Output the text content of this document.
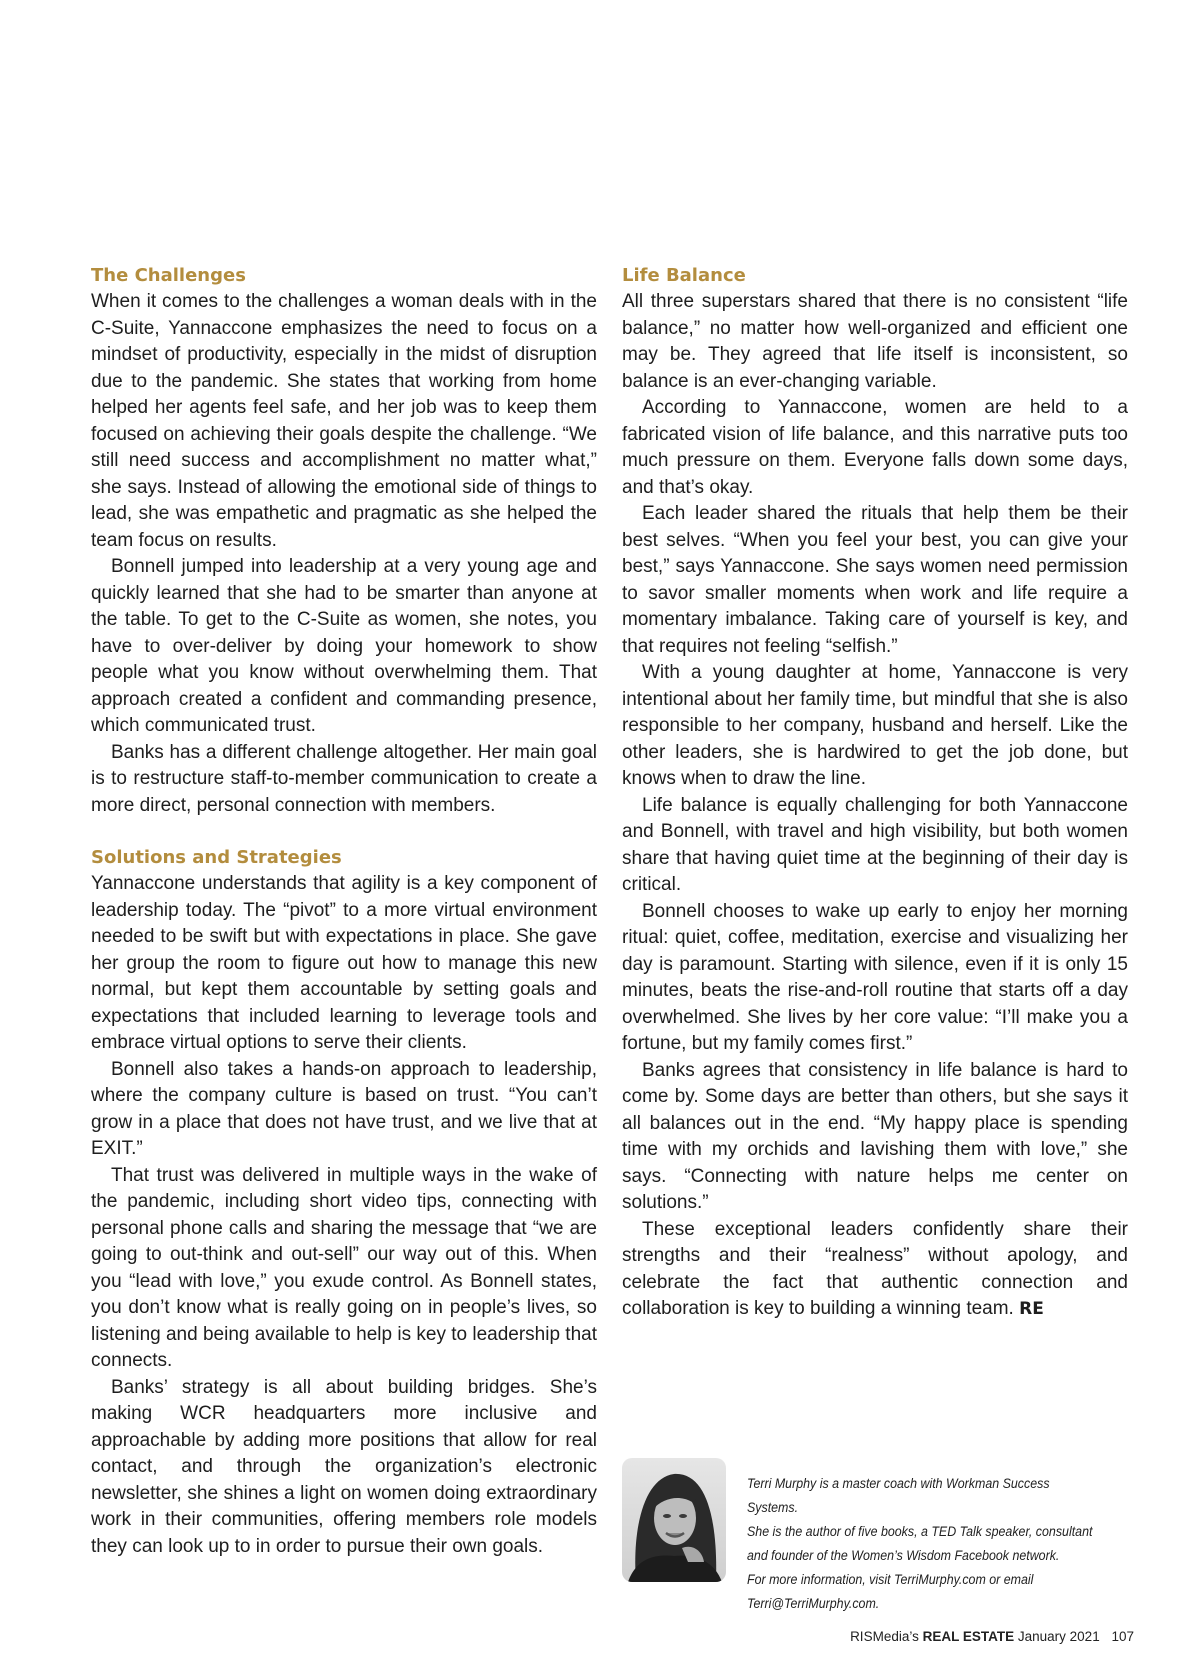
The Challenges

When it comes to the challenges a woman deals with in the C-Suite, Yannaccone emphasizes the need to focus on a mindset of productivity, especially in the midst of disruption due to the pandemic. She states that working from home helped her agents feel safe, and her job was to keep them focused on achieving their goals despite the challenge. “We still need success and accomplishment no matter what,” she says. Instead of allowing the emotional side of things to lead, she was empathetic and pragmatic as she helped the team focus on results.

Bonnell jumped into leadership at a very young age and quickly learned that she had to be smarter than anyone at the table. To get to the C-Suite as women, she notes, you have to over-deliver by doing your homework to show people what you know without overwhelming them. That approach created a confident and commanding presence, which communicated trust.

Banks has a different challenge altogether. Her main goal is to restructure staff-to-member communication to create a more direct, personal connection with members.

Solutions and Strategies

Yannaccone understands that agility is a key component of leadership today. The “pivot” to a more virtual environment needed to be swift but with expectations in place. She gave her group the room to figure out how to manage this new normal, but kept them accountable by setting goals and expectations that included learning to leverage tools and embrace virtual options to serve their clients.

Bonnell also takes a hands-on approach to leadership, where the company culture is based on trust. “You can’t grow in a place that does not have trust, and we live that at EXIT.”

That trust was delivered in multiple ways in the wake of the pandemic, including short video tips, connecting with personal phone calls and sharing the message that “we are going to out-think and out-sell” our way out of this. When you “lead with love,” you exude control. As Bonnell states, you don’t know what is really going on in people’s lives, so listening and being available to help is key to leadership that connects.

Banks’ strategy is all about building bridges. She’s making WCR headquarters more inclusive and approachable by adding more positions that allow for real contact, and through the organization’s electronic newsletter, she shines a light on women doing extraordinary work in their communities, offering members role models they can look up to in order to pursue their own goals.

Life Balance

All three superstars shared that there is no consistent “life balance,” no matter how well-organized and efficient one may be. They agreed that life itself is inconsistent, so balance is an ever-changing variable.

According to Yannaccone, women are held to a fabricated vision of life balance, and this narrative puts too much pressure on them. Everyone falls down some days, and that’s okay.

Each leader shared the rituals that help them be their best selves. “When you feel your best, you can give your best,” says Yannaccone. She says women need permission to savor smaller moments when work and life require a momentary imbalance. Taking care of yourself is key, and that requires not feeling “selfish.”

With a young daughter at home, Yannaccone is very intentional about her family time, but mindful that she is also responsible to her company, husband and herself. Like the other leaders, she is hardwired to get the job done, but knows when to draw the line.

Life balance is equally challenging for both Yannaccone and Bonnell, with travel and high visibility, but both women share that having quiet time at the beginning of their day is critical.

Bonnell chooses to wake up early to enjoy her morning ritual: quiet, coffee, meditation, exercise and visualizing her day is paramount. Starting with silence, even if it is only 15 minutes, beats the rise-and-roll routine that starts off a day overwhelmed. She lives by her core value: “I’ll make you a fortune, but my family comes first.”

Banks agrees that consistency in life balance is hard to come by. Some days are better than others, but she says it all balances out in the end. “My happy place is spending time with my orchids and lavishing them with love,” she says. “Connecting with nature helps me center on solutions.”

These exceptional leaders confidently share their strengths and their “realness” without apology, and celebrate the fact that authentic connection and collaboration is key to building a winning team. RE

Terri Murphy is a master coach with Workman Success Systems.

She is the author of five books, a TED Talk speaker, consultant

and founder of the Women’s Wisdom Facebook network.

For more information, visit TerriMurphy.com or email

Terri@TerriMurphy.com.

RISMedia’s REAL ESTATE January 2021 107
